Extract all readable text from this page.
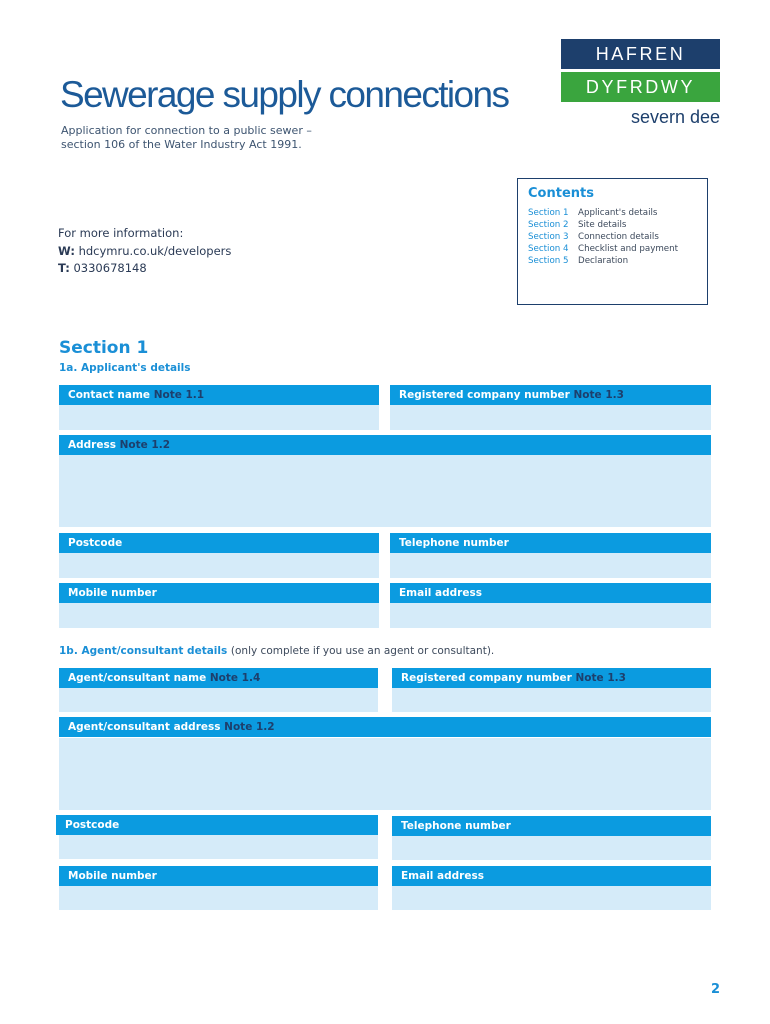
Sewerage supply connections
Application for connection to a public sewer –
section 106 of the Water Industry Act 1991.
HAFREN
DYFRDWY
severn dee
For more information:
W: hdcymru.co.uk/developers
T: 0330678148
Contents
Section 1 Applicant's details
Section 2 Site details
Section 3 Connection details
Section 4 Checklist and payment
Section 5 Declaration
Section 1
1a. Applicant's details
Contact name Note 1.1	Registered company number Note 1.3
Address Note 1.2
Postcode	Telephone number
Mobile number	Email address
1b. Agent/consultant details (only complete if you use an agent or consultant).
Agent/consultant name Note 1.4	Registered company number Note 1.3
Agent/consultant address Note 1.2
Postcode	Telephone number
Mobile number	Email address
2
